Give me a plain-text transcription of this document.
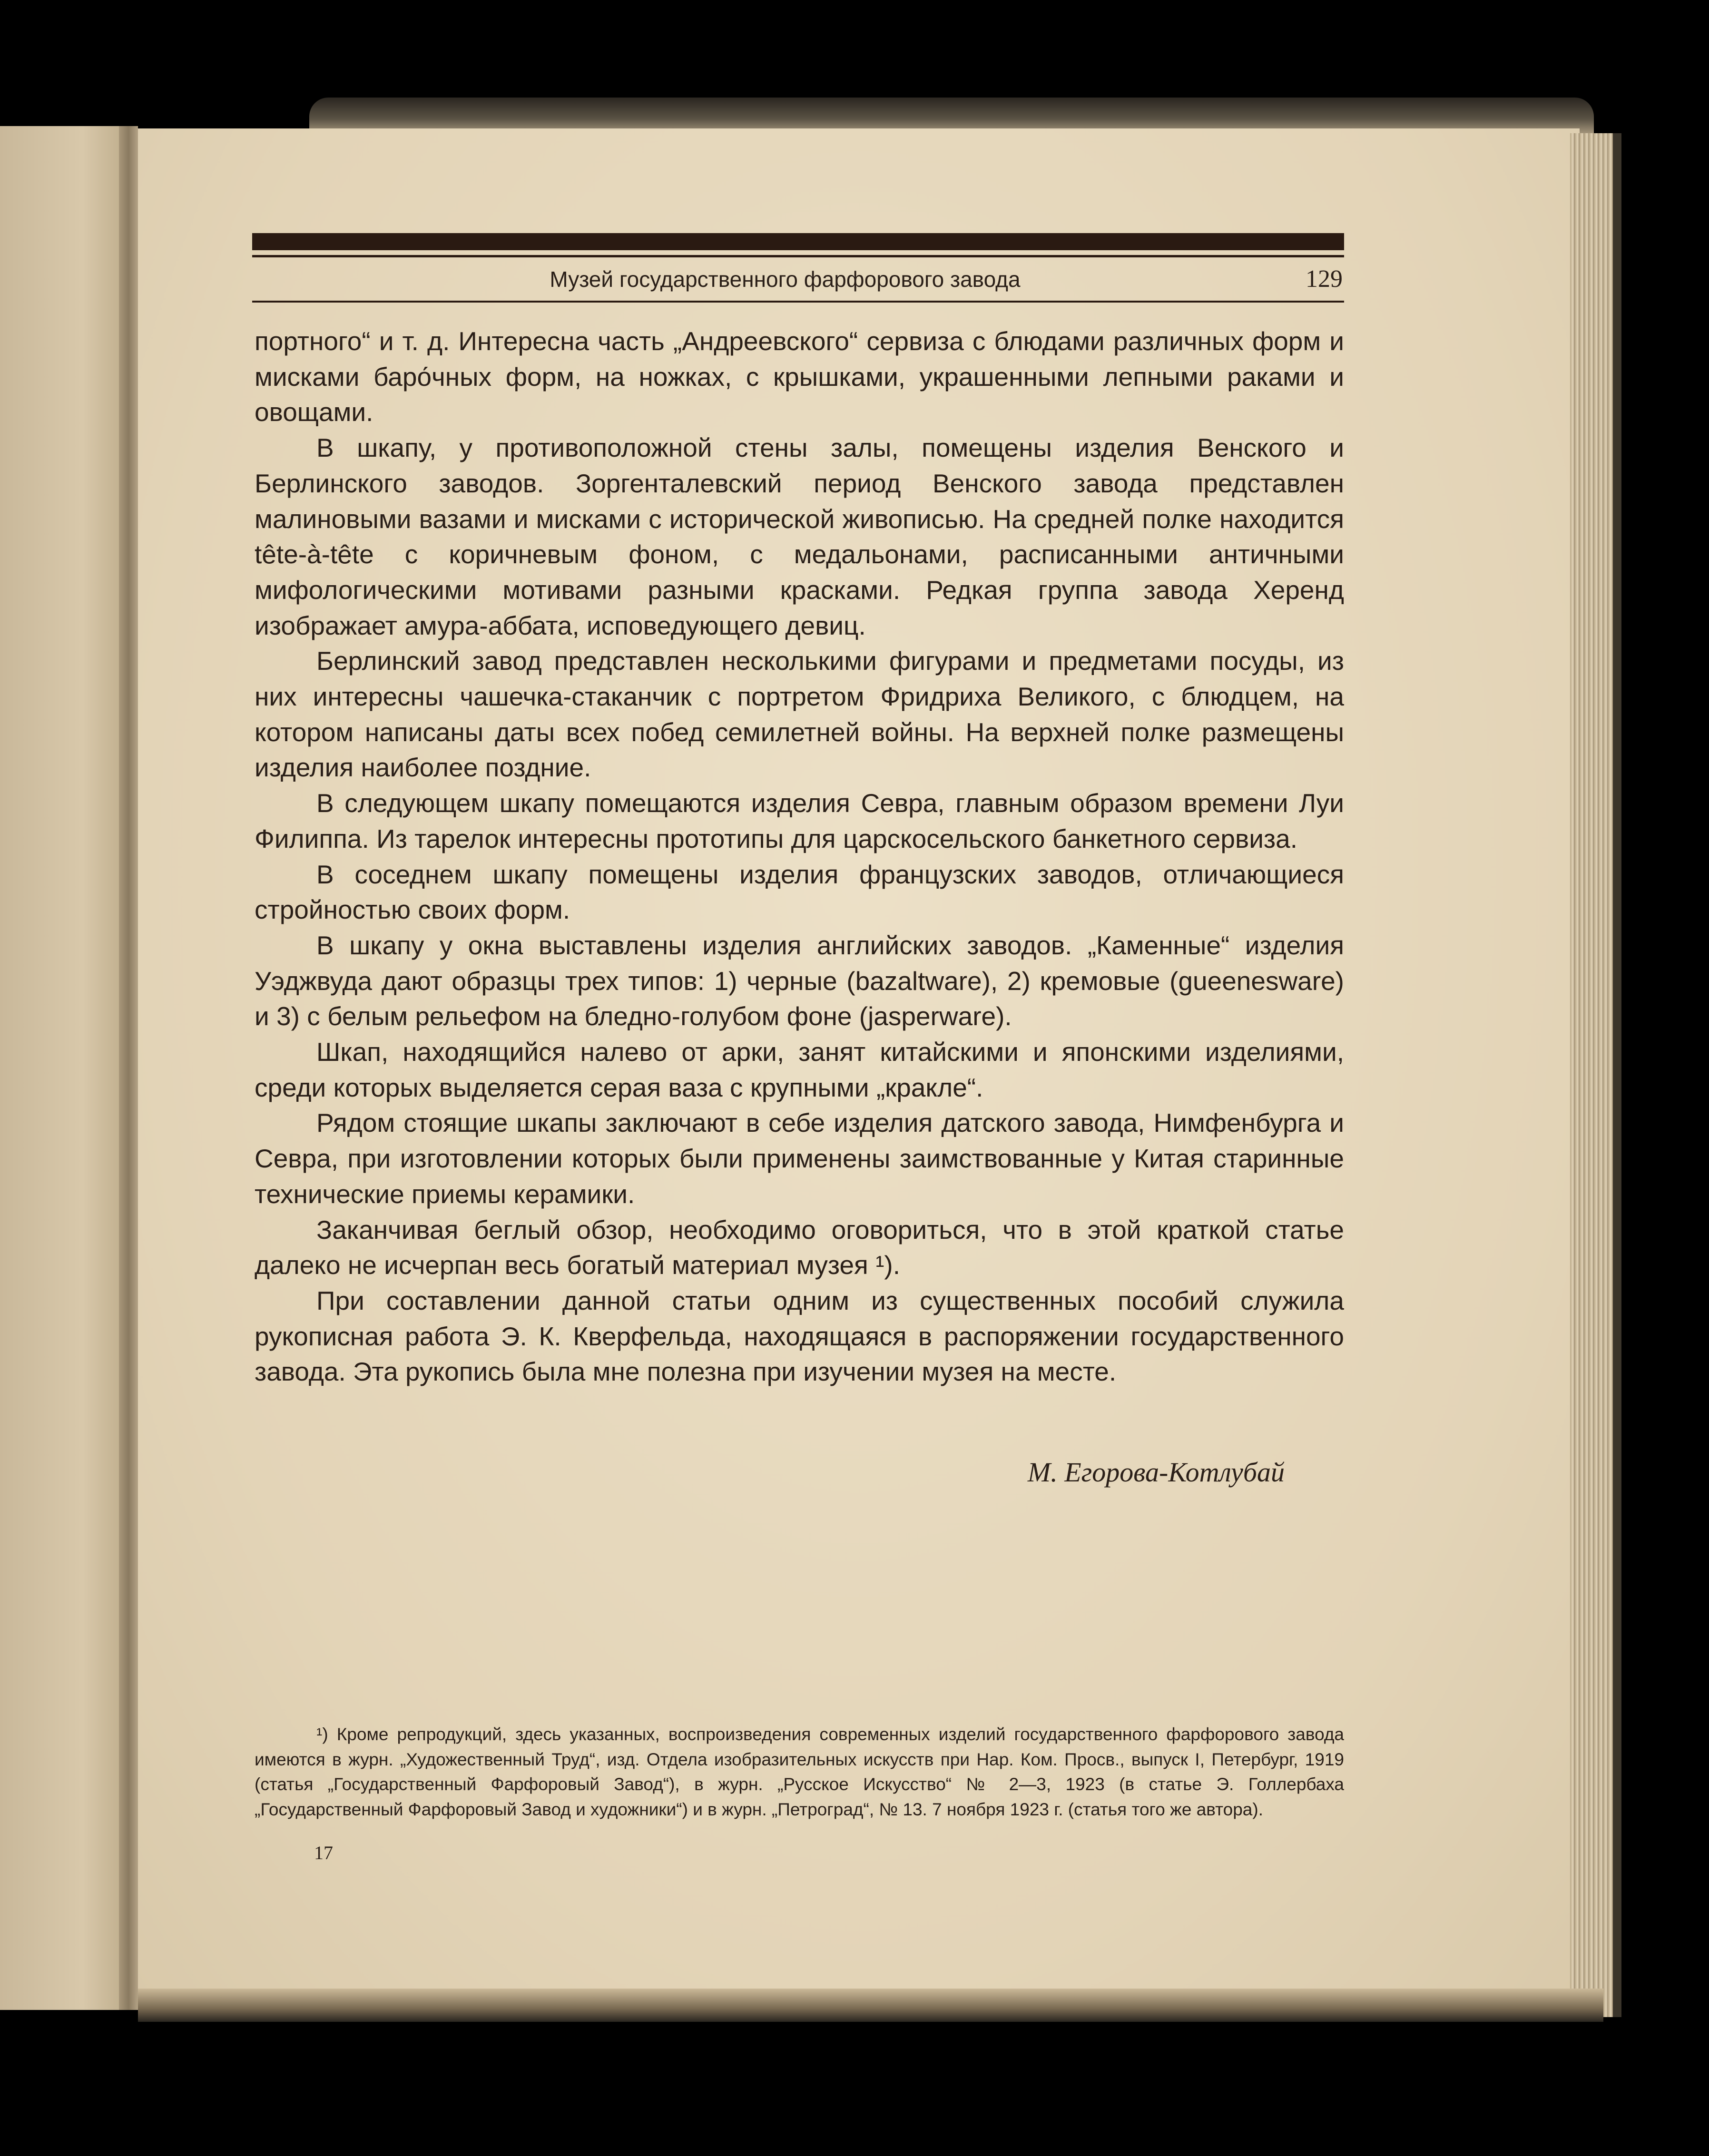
Музей государственного фарфорового завода	129

портного“ и т. д. Интересна часть „Андреевского“ сервиза с блюдами различных форм и мисками баро́чных форм, на ножках, с крышками, украшенными лепными раками и овощами.

В шкапу, у противоположной стены залы, помещены изделия Венского и Берлинского заводов. Зоргенталевский период Венского завода представлен малиновыми вазами и мисками с исторической живописью. На средней полке находится tête-à-tête с коричневым фоном, с медальонами, расписанными античными мифологическими мотивами разными красками. Редкая группа завода Херенд изображает амура-аббата, исповедующего девиц.

Берлинский завод представлен несколькими фигурами и предметами посуды, из них интересны чашечка-стаканчик с портретом Фридриха Великого, с блюдцем, на котором написаны даты всех побед семилетней войны. На верхней полке размещены изделия наиболее поздние.

В следующем шкапу помещаются изделия Севра, главным образом времени Луи Филиппа. Из тарелок интересны прототипы для царскосельского банкетного сервиза.

В соседнем шкапу помещены изделия французских заводов, отличающиеся стройностью своих форм.

В шкапу у окна выставлены изделия английских заводов. „Каменные“ изделия Уэджвуда дают образцы трех типов: 1) черные (bazaltware), 2) кремовые (gueenesware) и 3) с белым рельефом на бледно-голубом фоне (jasperware).

Шкап, находящийся налево от арки, занят китайскими и японскими изделиями, среди которых выделяется серая ваза с крупными „кракле“.

Рядом стоящие шкапы заключают в себе изделия датского завода, Нимфенбурга и Севра, при изготовлении которых были применены заимствованные у Китая старинные технические приемы керамики.

Заканчивая беглый обзор, необходимо оговориться, что в этой краткой статье далеко не исчерпан весь богатый материал музея ¹).

При составлении данной статьи одним из существенных пособий служила рукописная работа Э. К. Кверфельда, находящаяся в распоряжении государственного завода. Эта рукопись была мне полезна при изучении музея на месте.

М. Егорова-Котлубай
¹) Кроме репродукций, здесь указанных, воспроизведения современных изделий государственного фарфорового завода имеются в журн. „Художественный Труд“, изд. Отдела изобразительных искусств при Нар. Ком. Просв., выпуск I, Петербург, 1919 (статья „Государственный Фарфоровый Завод“), в журн. „Русское Искусство“ № 2—3, 1923 (в статье Э. Голлербаха „Государственный Фарфоровый Завод и художники“) и в журн. „Петроград“, № 13. 7 ноября 1923 г. (статья того же автора).
17
